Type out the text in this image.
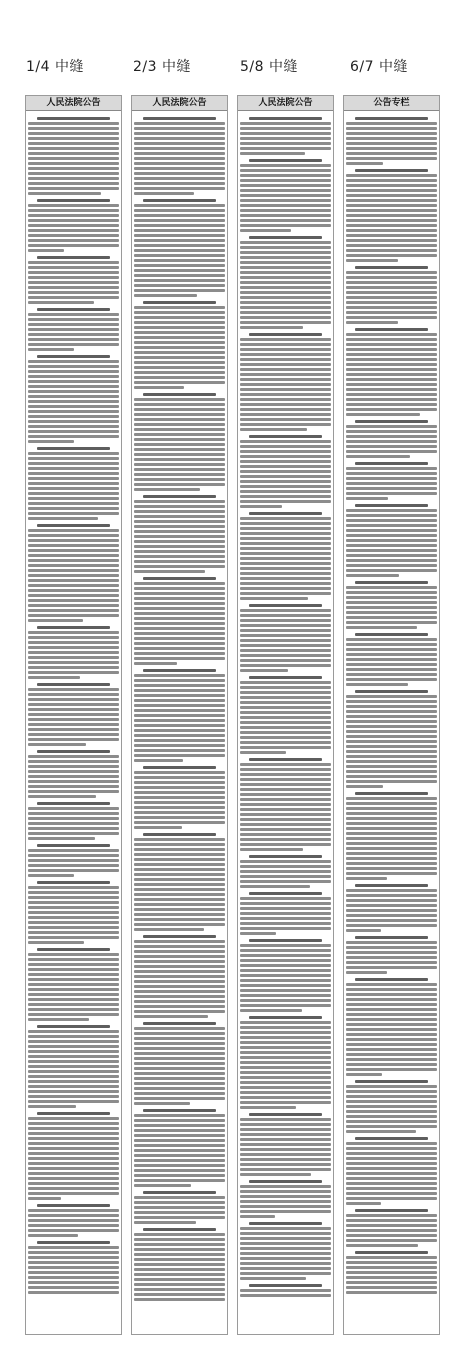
1/4 中缝	2/3 中缝	5/8 中缝	6/7 中缝
人民法院公告	人民法院公告	人民法院公告	公告专栏
